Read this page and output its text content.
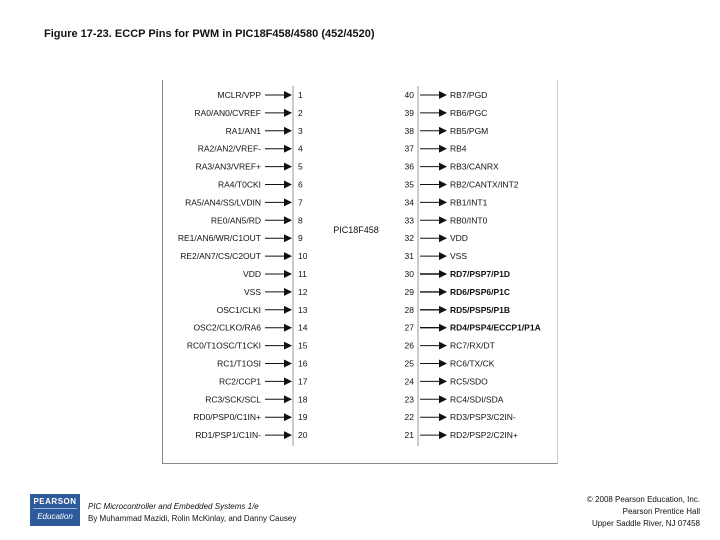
Figure 17-23. ECCP Pins for PWM in PIC18F458/4580 (452/4520)
PIC18F458
MCLR/VPP	1
RA0/AN0/CVREF	2
RA1/AN1	3
RA2/AN2/VREF-	4
RA3/AN3/VREF+	5
RA4/T0CKI	6
RA5/AN4/SS/LVDIN	7
RE0/AN5/RD	8
RE1/AN6/WR/C1OUT	9
RE2/AN7/CS/C2OUT	10
VDD	11
VSS	12
OSC1/CLKI	13
OSC2/CLKO/RA6	14
RC0/T1OSC/T1CKI	15
RC1/T1OSI	16
RC2/CCP1	17
RC3/SCK/SCL	18
RD0/PSP0/C1IN+	19
RD1/PSP1/C1IN-	20
40	RB7/PGD
39	RB6/PGC
38	RB5/PGM
37	RB4
36	RB3/CANRX
35	RB2/CANTX/INT2
34	RB1/INT1
33	RB0/INT0
32	VDD
31	VSS
30	RD7/PSP7/P1D
29	RD6/PSP6/P1C
28	RD5/PSP5/P1B
27	RD4/PSP4/ECCP1/P1A
26	RC7/RX/DT
25	RC6/TX/CK
24	RC5/SDO
23	RC4/SDI/SDA
22	RD3/PSP3/C2IN-
21	RD2/PSP2/C2IN+
PEARSON
Education
PIC Microcontroller and Embedded Systems 1/e
By Muhammad Mazidi, Rolin McKinlay, and Danny Causey
© 2008 Pearson Education, Inc.
Pearson Prentice Hall
Upper Saddle River, NJ 07458
